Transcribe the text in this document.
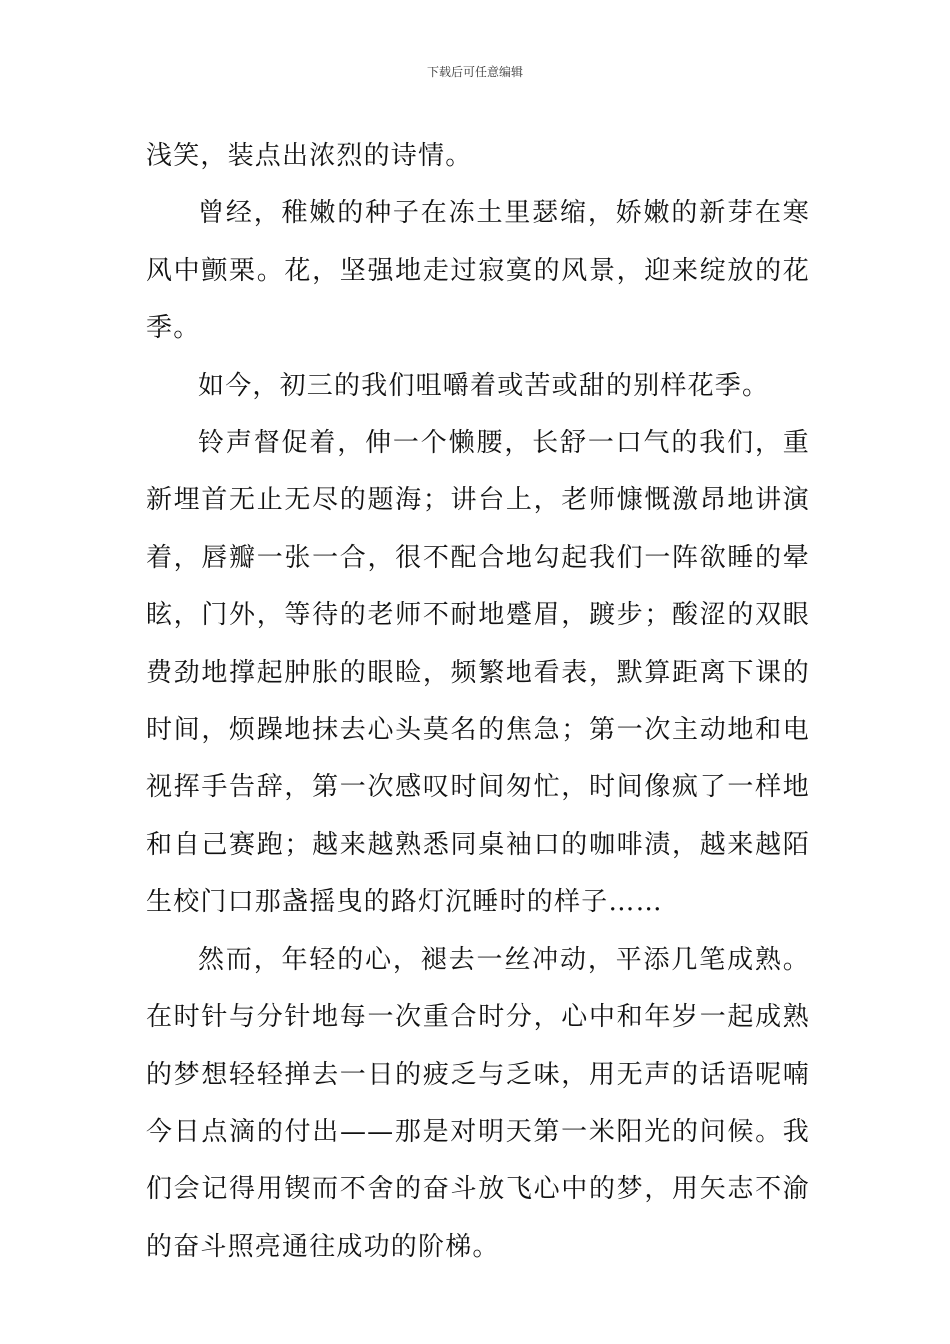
下载后可任意编辑

浅笑，装点出浓烈的诗情。

曾经，稚嫩的种子在冻土里瑟缩，娇嫩的新芽在寒风中颤栗。花，坚强地走过寂寞的风景，迎来绽放的花季。

如今，初三的我们咀嚼着或苦或甜的别样花季。

铃声督促着，伸一个懒腰，长舒一口气的我们，重新埋首无止无尽的题海；讲台上，老师慷慨激昂地讲演着，唇瓣一张一合，很不配合地勾起我们一阵欲睡的晕眩，门外，等待的老师不耐地蹙眉，踱步；酸涩的双眼费劲地撑起肿胀的眼睑，频繁地看表，默算距离下课的时间，烦躁地抹去心头莫名的焦急；第一次主动地和电视挥手告辞，第一次感叹时间匆忙，时间像疯了一样地和自己赛跑；越来越熟悉同桌袖口的咖啡渍，越来越陌生校门口那盏摇曳的路灯沉睡时的样子……

然而，年轻的心，褪去一丝冲动，平添几笔成熟。在时针与分针地每一次重合时分，心中和年岁一起成熟的梦想轻轻掸去一日的疲乏与乏味，用无声的话语呢喃今日点滴的付出——那是对明天第一米阳光的问候。我们会记得用锲而不舍的奋斗放飞心中的梦，用矢志不渝的奋斗照亮通往成功的阶梯。
